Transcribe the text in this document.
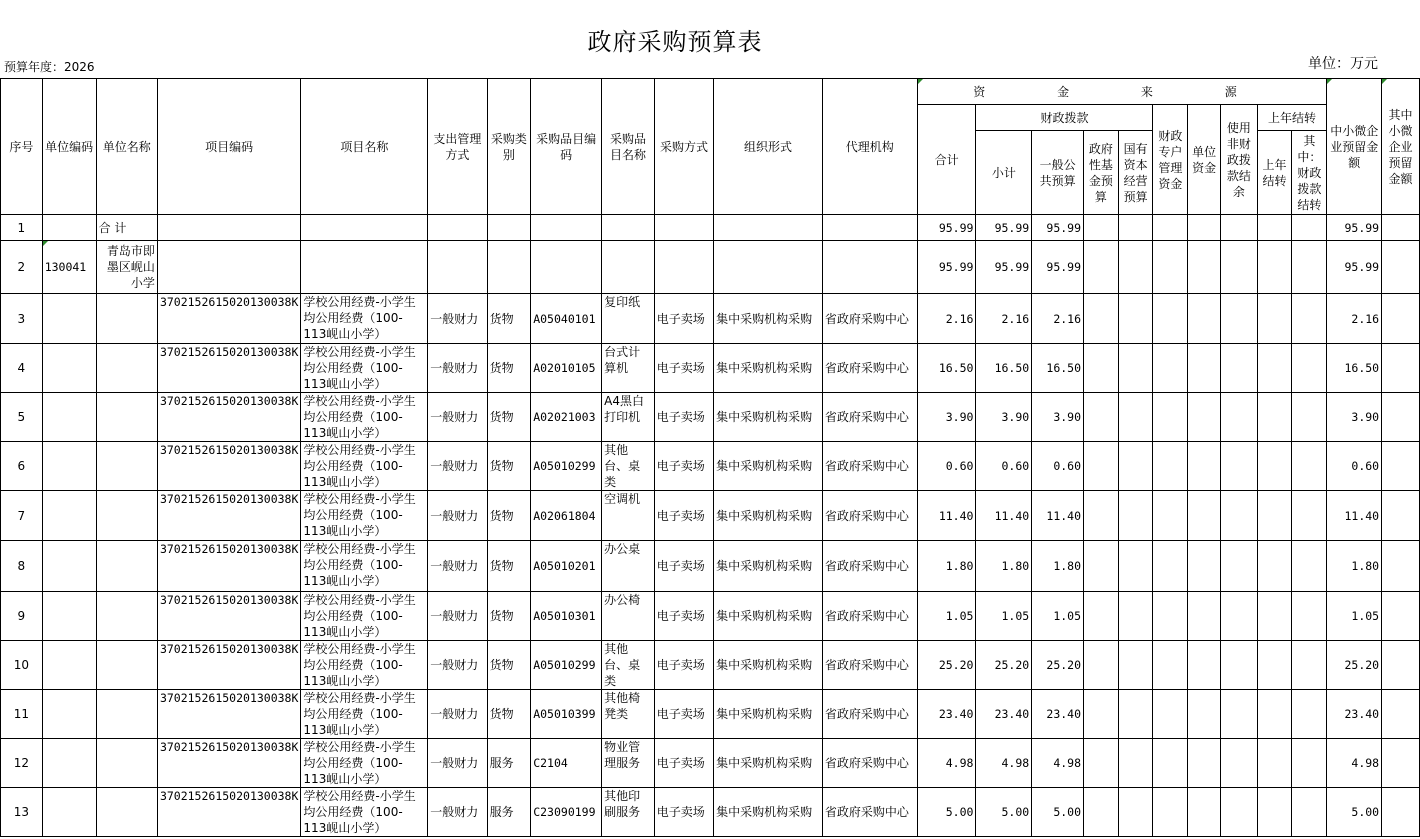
政府采购预算表
预算年度：2026	单位：万元
序号	单位编码	单位名称	项目编码	项目名称	支出管理方式	采购类别	采购品目编码	采购品目名称	采购方式	组织形式	代理机构	资 金 来 源										中小微企业预留金额	其中小微企业预留金额
												合计	财政拨款				财政专户管理资金	单位资金	使用非财政拨款结余	上年结转			
													小计	一般公共预算	政府性基金预算	国有资本经营预算				上年结转	其中：财政拨款结转		

1		合 计										95.99	95.99	95.99								95.99	
2	130041	青岛市即墨区岘山小学										95.99	95.99	95.99								95.99	
3			3702152615020130038K	学校公用经费-小学生均公用经费（100-113岘山小学）	一般财力	货物	A05040101	复印纸	电子卖场	集中采购机构采购	省政府采购中心	2.16	2.16	2.16								2.16	
4			3702152615020130038K	学校公用经费-小学生均公用经费（100-113岘山小学）	一般财力	货物	A02010105	台式计算机	电子卖场	集中采购机构采购	省政府采购中心	16.50	16.50	16.50								16.50	
5			3702152615020130038K	学校公用经费-小学生均公用经费（100-113岘山小学）	一般财力	货物	A02021003	A4黑白打印机	电子卖场	集中采购机构采购	省政府采购中心	3.90	3.90	3.90								3.90	
6			3702152615020130038K	学校公用经费-小学生均公用经费（100-113岘山小学）	一般财力	货物	A05010299	其他台、桌类	电子卖场	集中采购机构采购	省政府采购中心	0.60	0.60	0.60								0.60	
7			3702152615020130038K	学校公用经费-小学生均公用经费（100-113岘山小学）	一般财力	货物	A02061804	空调机	电子卖场	集中采购机构采购	省政府采购中心	11.40	11.40	11.40								11.40	
8			3702152615020130038K	学校公用经费-小学生均公用经费（100-113岘山小学）	一般财力	货物	A05010201	办公桌	电子卖场	集中采购机构采购	省政府采购中心	1.80	1.80	1.80								1.80	
9			3702152615020130038K	学校公用经费-小学生均公用经费（100-113岘山小学）	一般财力	货物	A05010301	办公椅	电子卖场	集中采购机构采购	省政府采购中心	1.05	1.05	1.05								1.05	
10			3702152615020130038K	学校公用经费-小学生均公用经费（100-113岘山小学）	一般财力	货物	A05010299	其他台、桌类	电子卖场	集中采购机构采购	省政府采购中心	25.20	25.20	25.20								25.20	
11			3702152615020130038K	学校公用经费-小学生均公用经费（100-113岘山小学）	一般财力	货物	A05010399	其他椅凳类	电子卖场	集中采购机构采购	省政府采购中心	23.40	23.40	23.40								23.40	
12			3702152615020130038K	学校公用经费-小学生均公用经费（100-113岘山小学）	一般财力	服务	C2104	物业管理服务	电子卖场	集中采购机构采购	省政府采购中心	4.98	4.98	4.98								4.98	
13			3702152615020130038K	学校公用经费-小学生均公用经费（100-113岘山小学）	一般财力	服务	C23090199	其他印刷服务	电子卖场	集中采购机构采购	省政府采购中心	5.00	5.00	5.00								5.00	
